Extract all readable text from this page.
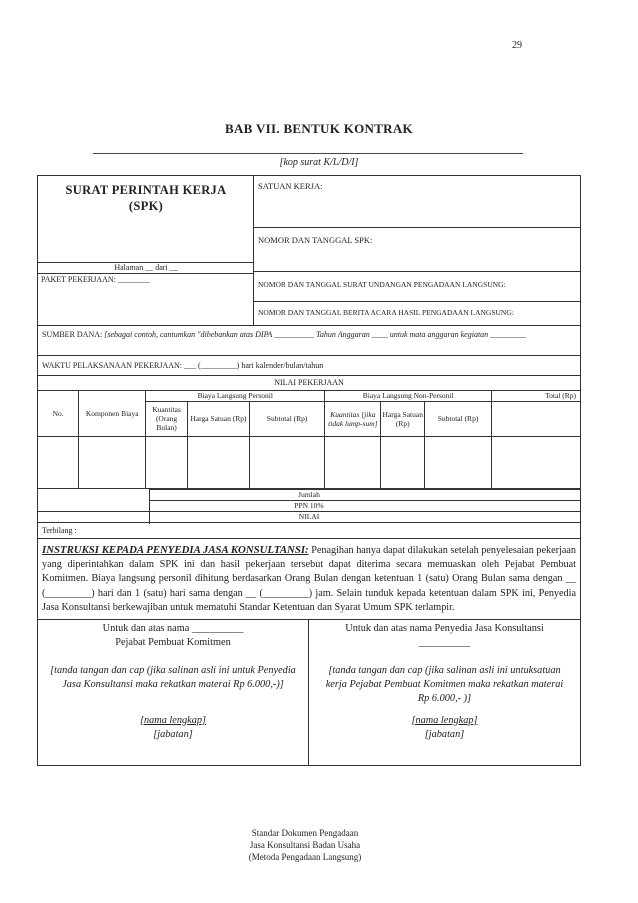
29
BAB VII. BENTUK KONTRAK
[kop surat K/L/D/I]
SURAT PERINTAH KERJA
(SPK)
Halaman __ dari __
PAKET PEKERJAAN: ________
SATUAN KERJA:
NOMOR DAN TANGGAL SPK:
NOMOR DAN TANGGAL SURAT UNDANGAN PENGADAAN LANGSUNG:
NOMOR DAN TANGGAL BERITA ACARA HASIL PENGADAAN LANGSUNG:
SUMBER DANA: [sebagai contoh, cantumkan "dibebankan atas DIPA __________ Tahun Anggaran ____ untuk mata anggaran kegiatan _________
WAKTU PELAKSANAAN PEKERJAAN: ___ (_________) hari kalender/bulan/tahun
NILAI PEKERJAAN
No.	Komponen Biaya	Biaya Langsung Personil			Biaya Langsung Non-Personil			Total (Rp)
		Kuantitas (Orang Bulan)	Harga Satuan (Rp)	Subtotal (Rp)	Kuantitas [jika tidak lump-sum]	Harga Satuan (Rp)	Subtotal (Rp)	

Jumlah
PPN 10%
NILAI
Terbilang :
INSTRUKSI KEPADA PENYEDIA JASA KONSULTANSI: Penagihan hanya dapat dilakukan setelah penyelesaian pekerjaan yang diperintahkan dalam SPK ini dan hasil pekerjaan tersebut dapat diterima secara memuaskan oleh Pejabat Pembuat Komitmen. Biaya langsung personil dihitung berdasarkan Orang Bulan dengan ketentuan 1 (satu) Orang Bulan sama dengan __ (_________) hari dan 1 (satu) hari sama dengan __ (_________) jam. Selain tunduk kepada ketentuan dalam SPK ini, Penyedia Jasa Konsultansi berkewajiban untuk mematuhi Standar Ketentuan dan Syarat Umum SPK terlampir.
Untuk dan atas nama __________
Pejabat Pembuat Komitmen
[tanda tangan dan cap (jika salinan asli ini untuk Penyedia Jasa Konsultansi maka rekatkan materai Rp 6.000,-)]
[nama lengkap]
[jabatan]
Untuk dan atas nama Penyedia Jasa Konsultansi
__________
[tanda tangan dan cap (jika salinan asli ini untuksatuan kerja Pejabat Pembuat Komitmen maka rekatkan materai Rp 6.000,- )]
[nama lengkap]
[jabatan]
Standar Dokumen Pengadaan
Jasa Konsultansi Badan Usaha
(Metoda Pengadaan Langsung)
